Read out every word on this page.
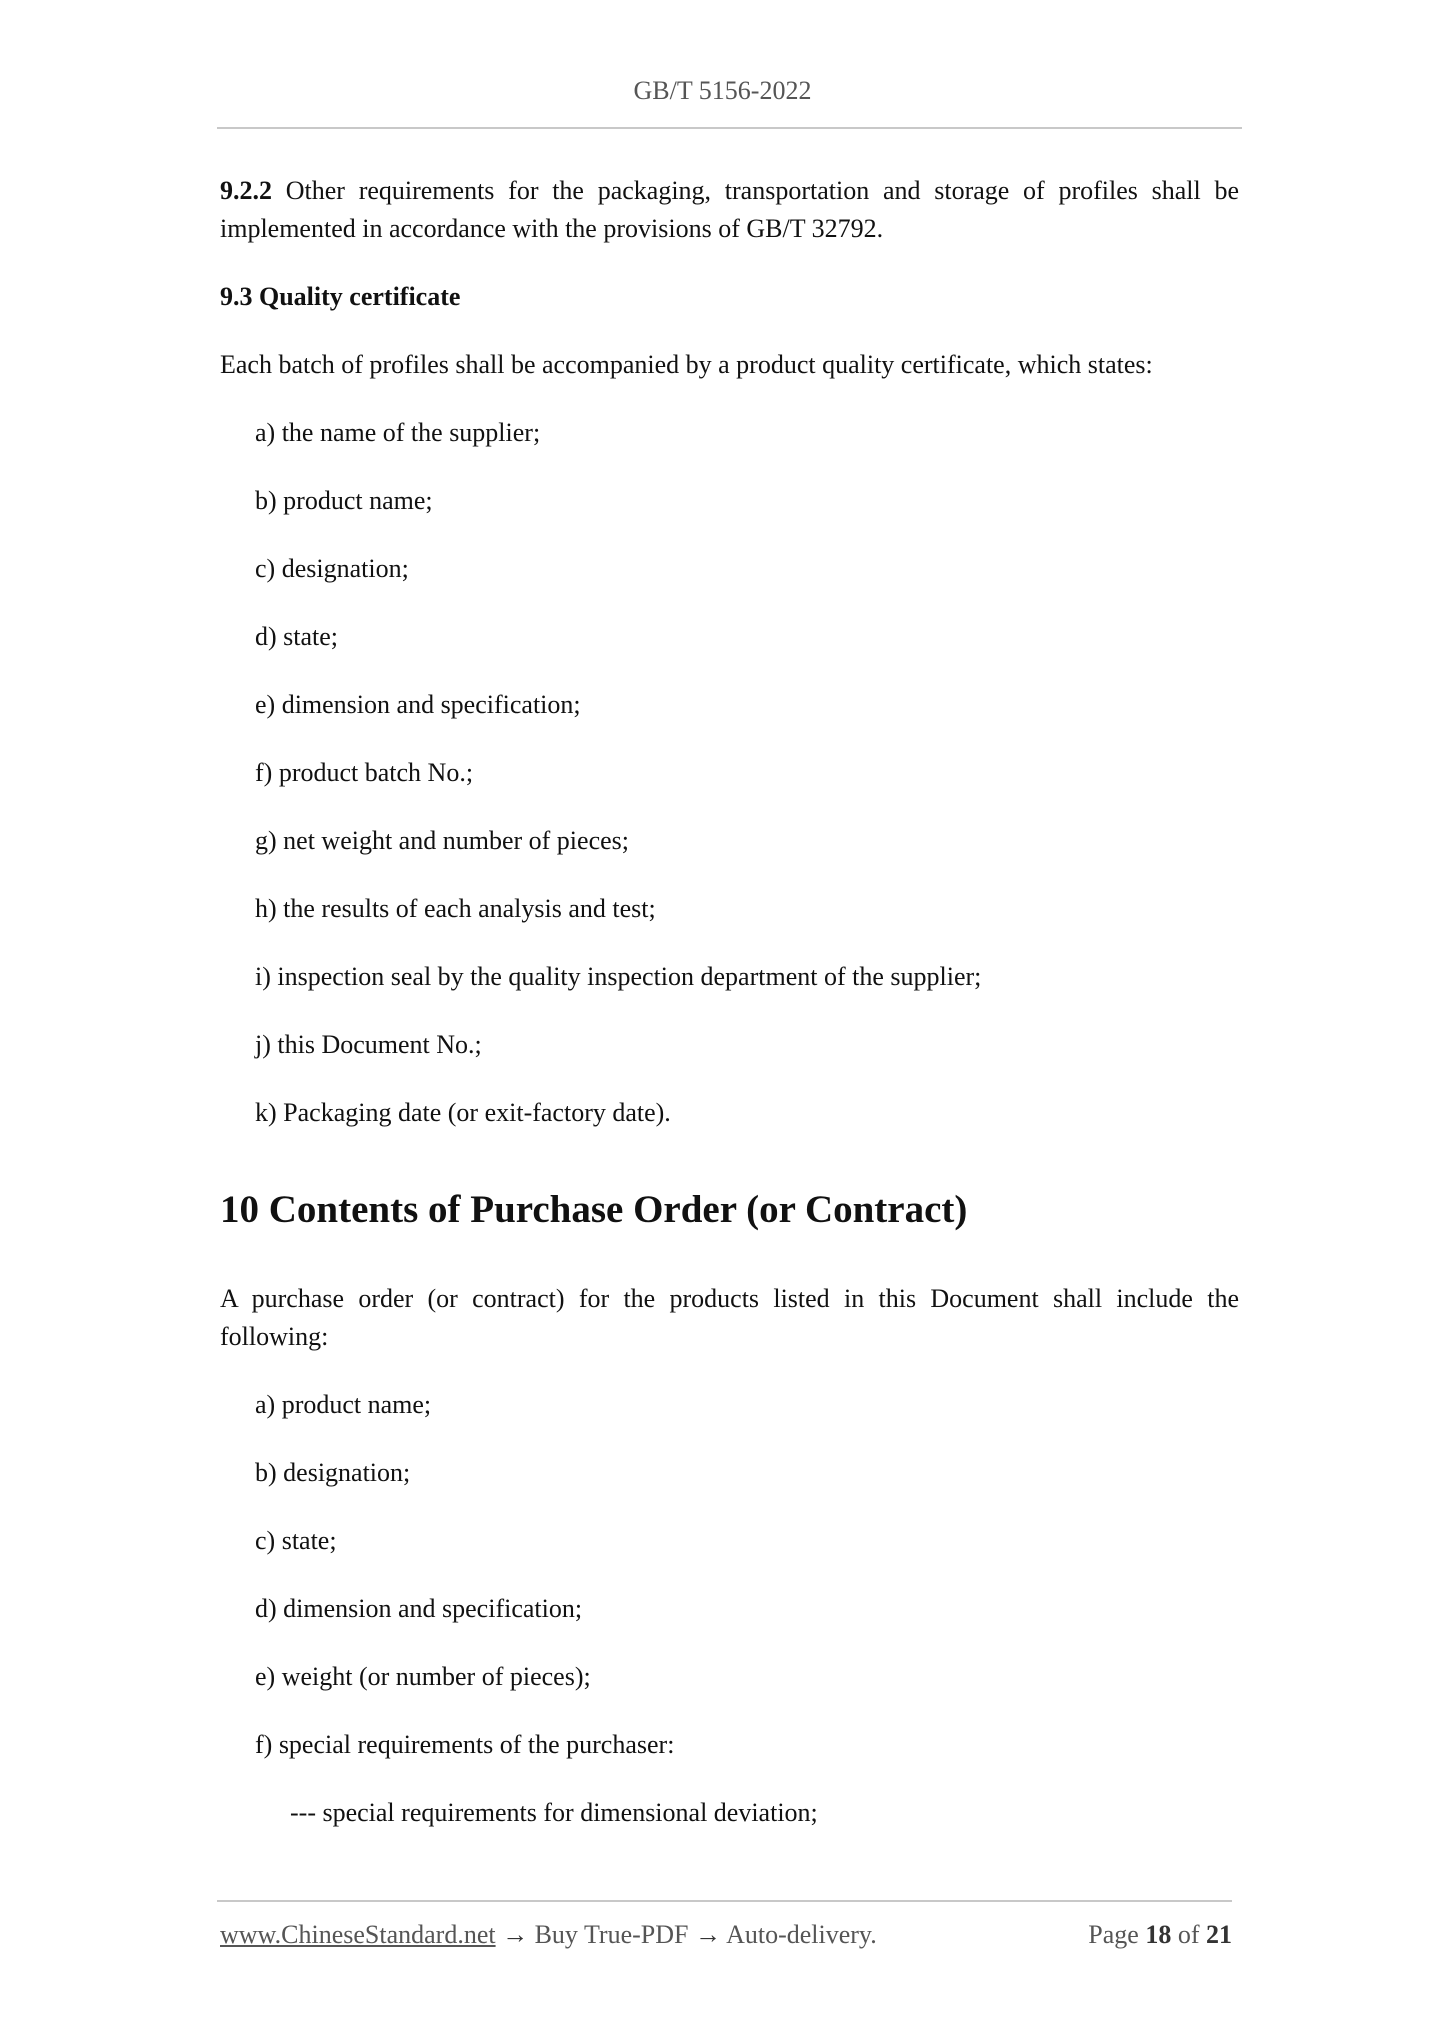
GB/T 5156-2022

9.2.2 Other requirements for the packaging, transportation and storage of profiles shall be implemented in accordance with the provisions of GB/T 32792.

9.3 Quality certificate

Each batch of profiles shall be accompanied by a product quality certificate, which states:

a) the name of the supplier;
b) product name;
c) designation;
d) state;
e) dimension and specification;
f) product batch No.;
g) net weight and number of pieces;
h) the results of each analysis and test;
i) inspection seal by the quality inspection department of the supplier;
j) this Document No.;
k) Packaging date (or exit-factory date).
10 Contents of Purchase Order (or Contract)

A purchase order (or contract) for the products listed in this Document shall include the following:

a) product name;
b) designation;
c) state;
d) dimension and specification;
e) weight (or number of pieces);
f) special requirements of the purchaser:
--- special requirements for dimensional deviation;
www.ChineseStandard.net → Buy True-PDF → Auto-delivery.	Page 18 of 21
